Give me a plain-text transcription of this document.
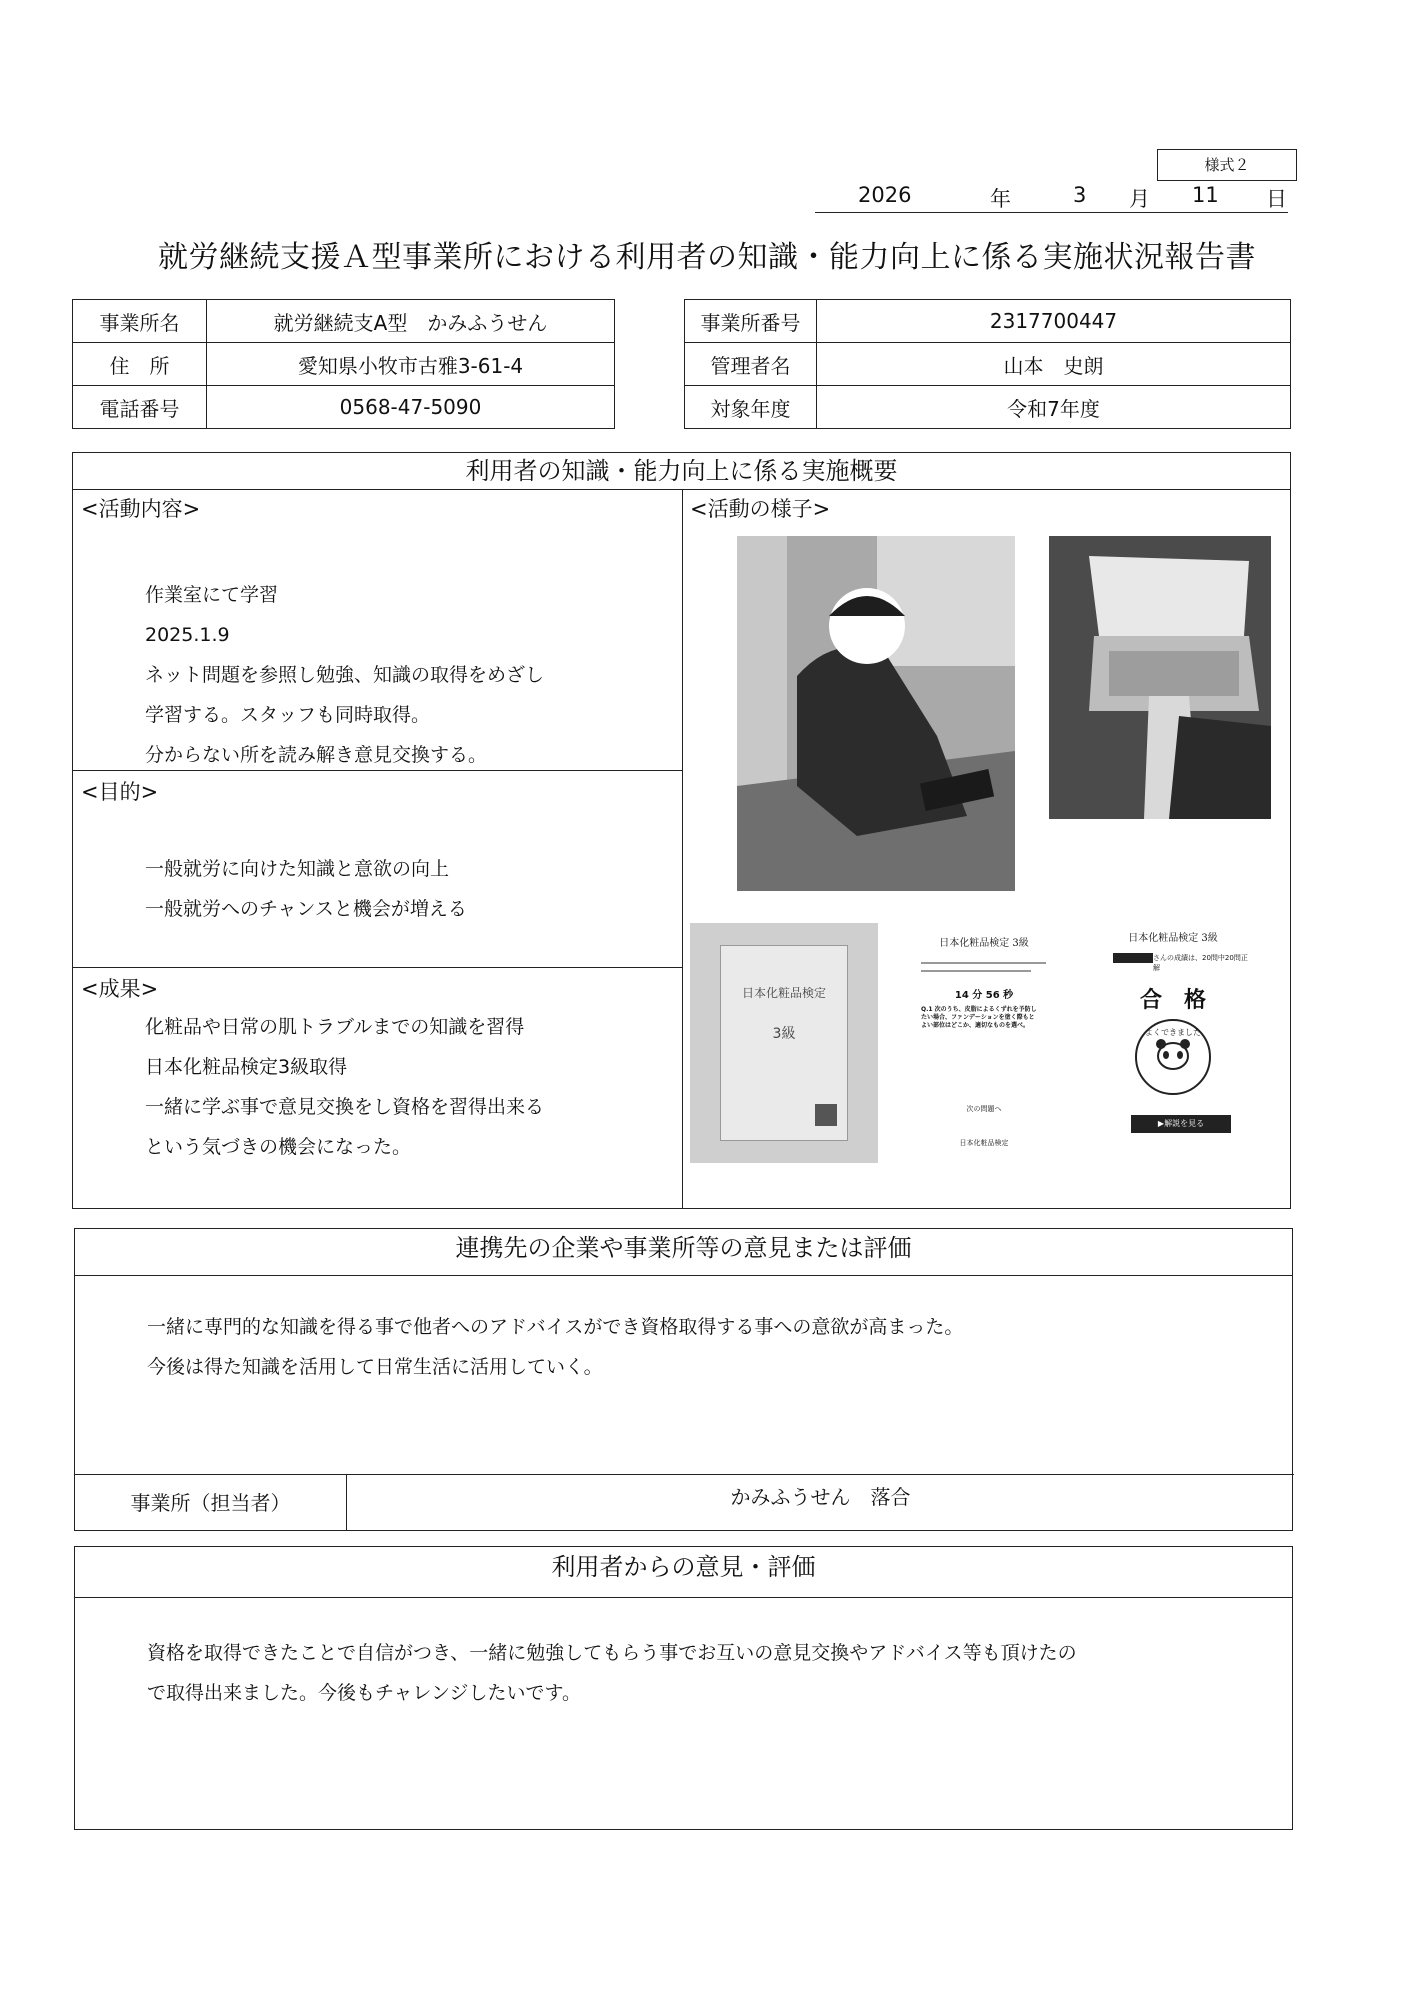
様式２
2026	年	3 月 11 日
就労継続支援Ａ型事業所における利用者の知識・能力向上に係る実施状況報告書
事業所名	就労継続支A型　かみふうせん
住　所	愛知県小牧市古雅3-61-4
電話番号	0568-47-5090
事業所番号	2317700447
管理者名	山本　史朗
対象年度	令和7年度
利用者の知識・能力向上に係る実施概要
<活動内容>
作業室にて学習
2025.1.9
ネット問題を参照し勉強、知識の取得をめざし
学習する。スタッフも同時取得。
分からない所を読み解き意見交換する。
<目的>
一般就労に向けた知識と意欲の向上
一般就労へのチャンスと機会が増える
<成果>
化粧品や日常の肌トラブルまでの知識を習得
日本化粧品検定3級取得
一緒に学ぶ事で意見交換をし資格を習得出来る
という気づきの機会になった。
<活動の様子>
日本化粧品検定
3級
日本化粧品検定 3級
14 分 56 秒
Q.1 次のうち、皮脂によるくずれを予防したい場合、ファンデーションを塗く際もとよい部位はどこか、適切なものを選べ。
次の問題へ
日本化粧品検定
日本化粧品検定 3級
さんの成績は、20問中20問正解
合　格
よくできました
▶解説を見る
連携先の企業や事業所等の意見または評価
一緒に専門的な知識を得る事で他者へのアドバイスができ資格取得する事への意欲が高まった。
今後は得た知識を活用して日常生活に活用していく。
事業所（担当者）	かみふうせん　落合
利用者からの意見・評価
資格を取得できたことで自信がつき、一緒に勉強してもらう事でお互いの意見交換やアドバイス等も頂けたの
で取得出来ました。今後もチャレンジしたいです。
